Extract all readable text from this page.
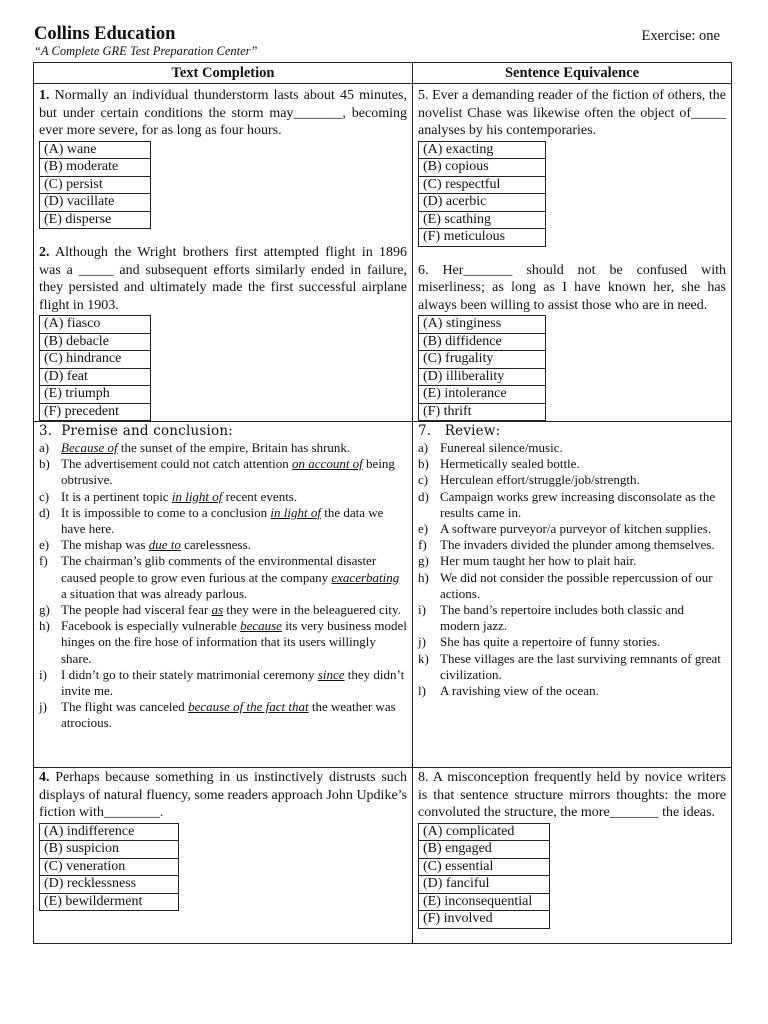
Collins Education
“A Complete GRE Test Preparation Center”
Exercise: one
Text Completion	Sentence Equivalence

1. Normally an individual thunderstorm lasts about 45 minutes, but under certain conditions the storm may_______, becoming ever more severe, for as long as four hours.
(A) wane
(B) moderate
(C) persist
(D) vacillate
(E) disperse
2. Although the Wright brothers first attempted flight in 1896 was a _____ and subsequent efforts similarly ended in failure, they persisted and ultimately made the first successful airplane flight in 1903.
(A) fiasco
(B) debacle
(C) hindrance
(D) feat
(E) triumph
(F) precedent

5. Ever a demanding reader of the fiction of others, the novelist Chase was likewise often the object of_____ analyses by his contemporaries.
(A) exacting
(B) copious
(C) respectful
(D) acerbic
(E) scathing
(F) meticulous
6. Her_______ should not be confused with miserliness; as long as I have known her, she has always been willing to assist those who are in need.
(A) stinginess
(B) diffidence
(C) frugality
(D) illiberality
(E) intolerance
(F) thrift

3. Premise and conclusion:
a) Because of the sunset of the empire, Britain has shrunk.
b) The advertisement could not catch attention on account of being obtrusive.
c) It is a pertinent topic in light of recent events.
d) It is impossible to come to a conclusion in light of the data we have here.
e) The mishap was due to carelessness.
f) The chairman’s glib comments of the environmental disaster caused people to grow even furious at the company exacerbating a situation that was already parlous.
g) The people had visceral fear as they were in the beleaguered city.
h) Facebook is especially vulnerable because its very business model hinges on the fire hose of information that its users willingly share.
i) I didn’t go to their stately matrimonial ceremony since they didn’t invite me.
j) The flight was canceled because of the fact that the weather was atrocious.

7. Review:
a) Funereal silence/music.
b) Hermetically sealed bottle.
c) Herculean effort/struggle/job/strength.
d) Campaign works grew increasing disconsolate as the results came in.
e) A software purveyor/a purveyor of kitchen supplies.
f) The invaders divided the plunder among themselves.
g) Her mum taught her how to plait hair.
h) We did not consider the possible repercussion of our actions.
i) The band’s repertoire includes both classic and modern jazz.
j) She has quite a repertoire of funny stories.
k) These villages are the last surviving remnants of great civilization.
l) A ravishing view of the ocean.

4. Perhaps because something in us instinctively distrusts such displays of natural fluency, some readers approach John Updike’s fiction with________.
(A) indifference
(B) suspicion
(C) veneration
(D) recklessness
(E) bewilderment

8. A misconception frequently held by novice writers is that sentence structure mirrors thoughts: the more convoluted the structure, the more_______ the ideas.
(A) complicated
(B) engaged
(C) essential
(D) fanciful
(E) inconsequential
(F) involved
